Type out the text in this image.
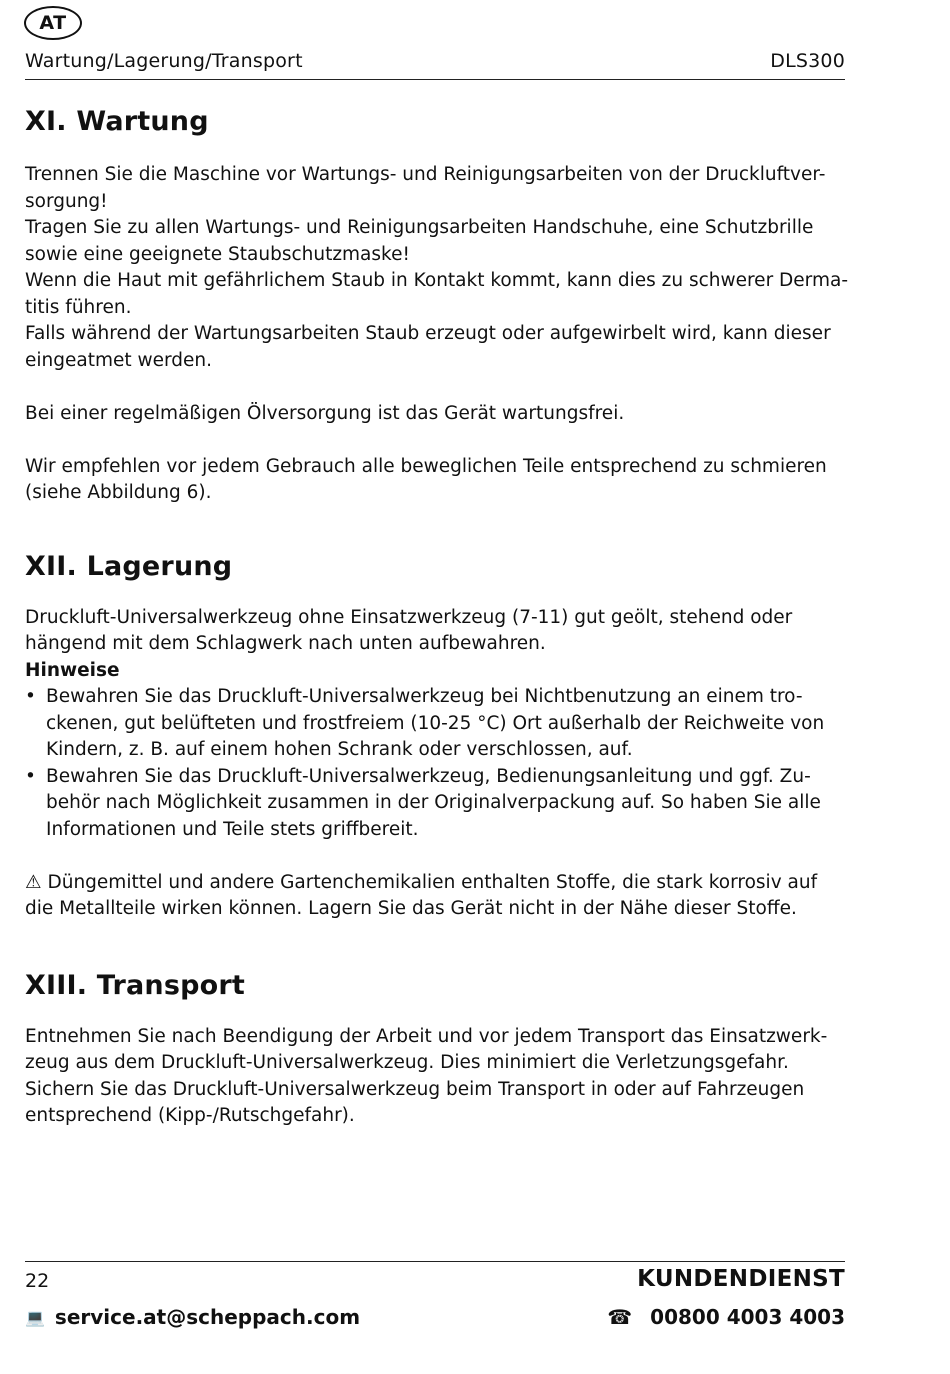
AT
Wartung/Lagerung/Transport	DLS300
XI. Wartung

Trennen Sie die Maschine vor Wartungs- und Reinigungsarbeiten von der Druckluftver-
sorgung!
Tragen Sie zu allen Wartungs- und Reinigungsarbeiten Handschuhe, eine Schutzbrille
sowie eine geeignete Staubschutzmaske!
Wenn die Haut mit gefährlichem Staub in Kontakt kommt, kann dies zu schwerer Derma-
titis führen.
Falls während der Wartungsarbeiten Staub erzeugt oder aufgewirbelt wird, kann dieser
eingeatmet werden.

Bei einer regelmäßigen Ölversorgung ist das Gerät wartungsfrei.

Wir empfehlen vor jedem Gebrauch alle beweglichen Teile entsprechend zu schmieren
(siehe Abbildung 6).

XII. Lagerung

Druckluft-Universalwerkzeug ohne Einsatzwerkzeug (7-11) gut geölt, stehend oder
hängend mit dem Schlagwerk nach unten aufbewahren.

Hinweise
• Bewahren Sie das Druckluft-Universalwerkzeug bei Nichtbenutzung an einem tro-
ckenen, gut belüfteten und frostfreiem (10-25 °C) Ort außerhalb der Reichweite von
Kindern, z. B. auf einem hohen Schrank oder verschlossen, auf.
• Bewahren Sie das Druckluft-Universalwerkzeug, Bedienungsanleitung und ggf. Zu-
behör nach Möglichkeit zusammen in der Originalverpackung auf. So haben Sie alle
Informationen und Teile stets griffbereit.

⚠ Düngemittel und andere Gartenchemikalien enthalten Stoffe, die stark korrosiv auf
die Metallteile wirken können. Lagern Sie das Gerät nicht in der Nähe dieser Stoffe.

XIII. Transport

Entnehmen Sie nach Beendigung der Arbeit und vor jedem Transport das Einsatzwerk-
zeug aus dem Druckluft-Universalwerkzeug. Dies minimiert die Verletzungsgefahr.
Sichern Sie das Druckluft-Universalwerkzeug beim Transport in oder auf Fahrzeugen
entsprechend (Kipp-/Rutschgefahr).

22	KUNDENDIENST
💻 service.at@scheppach.com	☎ 00800 4003 4003
